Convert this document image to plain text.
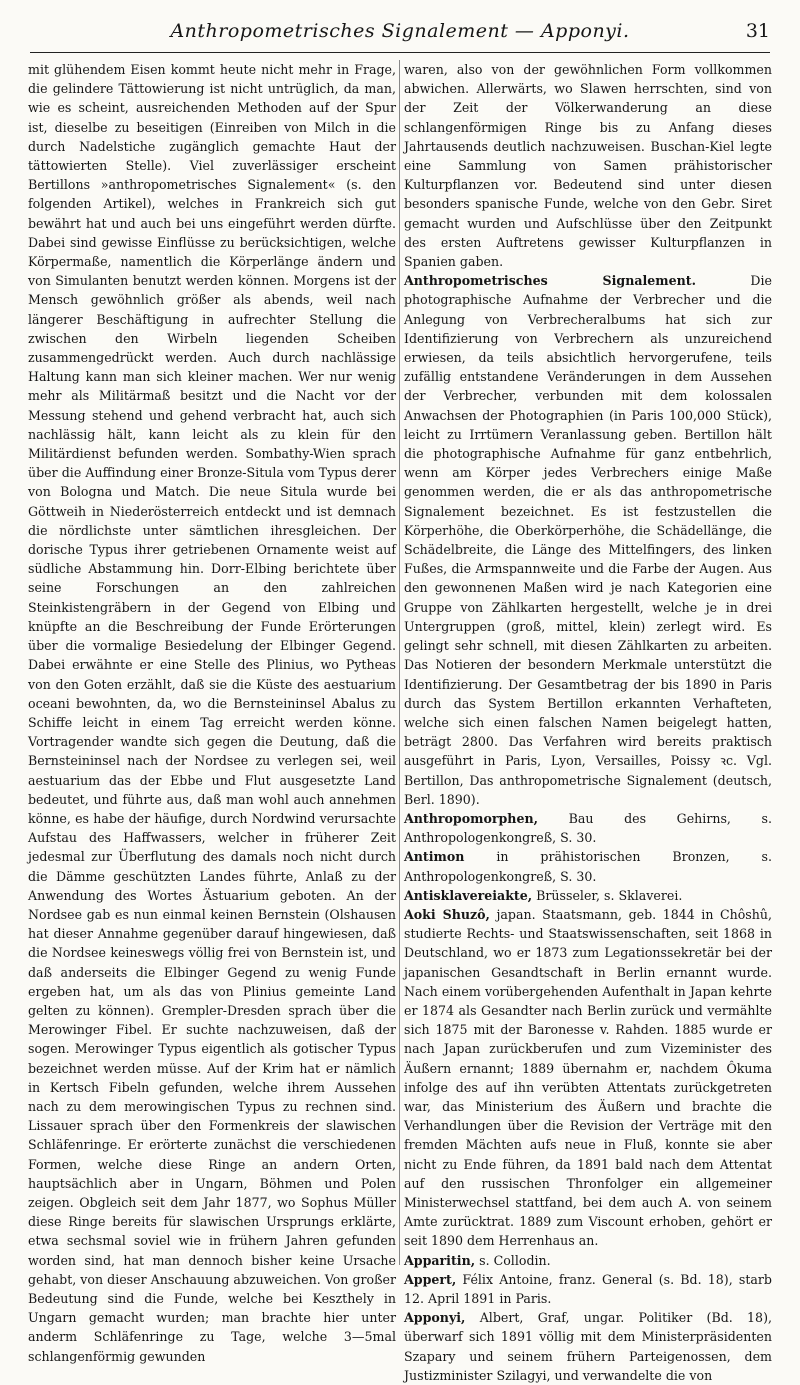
Anthropometrisches Signalement — Apponyi.	31

mit glühendem Eisen kommt heute nicht mehr in Frage, die gelindere Tättowierung ist nicht untrüglich, da man, wie es scheint, ausreichenden Methoden auf der Spur ist, dieselbe zu beseitigen (Einreiben von Milch in die durch Nadelstiche zugänglich gemachte Haut der tättowierten Stelle). Viel zuverlässiger erscheint Bertillons »anthropometrisches Signalement« (s. den folgenden Artikel), welches in Frankreich sich gut bewährt hat und auch bei uns eingeführt werden dürfte. Dabei sind gewisse Einflüsse zu berücksichtigen, welche Körpermaße, namentlich die Körperlänge ändern und von Simulanten benutzt werden können. Morgens ist der Mensch gewöhnlich größer als abends, weil nach längerer Beschäftigung in aufrechter Stellung die zwischen den Wirbeln liegenden Scheiben zusammengedrückt werden. Auch durch nachlässige Haltung kann man sich kleiner machen. Wer nur wenig mehr als Militärmaß besitzt und die Nacht vor der Messung stehend und gehend verbracht hat, auch sich nachlässig hält, kann leicht als zu klein für den Militärdienst befunden werden. Sombathy-Wien sprach über die Auffindung einer Bronze-Situla vom Typus derer von Bologna und Match. Die neue Situla wurde bei Göttweih in Niederösterreich entdeckt und ist demnach die nördlichste unter sämtlichen ihresgleichen. Der dorische Typus ihrer getriebenen Ornamente weist auf südliche Abstammung hin. Dorr-Elbing berichtete über seine Forschungen an den zahlreichen Steinkistengräbern in der Gegend von Elbing und knüpfte an die Beschreibung der Funde Erörterungen über die vormalige Besiedelung der Elbinger Gegend. Dabei erwähnte er eine Stelle des Plinius, wo Pytheas von den Goten erzählt, daß sie die Küste des aestuarium oceani bewohnten, da, wo die Bernsteininsel Abalus zu Schiffe leicht in einem Tag erreicht werden könne. Vortragender wandte sich gegen die Deutung, daß die Bernsteininsel nach der Nordsee zu verlegen sei, weil aestuarium das der Ebbe und Flut ausgesetzte Land bedeutet, und führte aus, daß man wohl auch annehmen könne, es habe der häufige, durch Nordwind verursachte Aufstau des Haffwassers, welcher in früherer Zeit jedesmal zur Überflutung des damals noch nicht durch die Dämme geschützten Landes führte, Anlaß zu der Anwendung des Wortes Ästuarium geboten. An der Nordsee gab es nun einmal keinen Bernstein (Olshausen hat dieser Annahme gegenüber darauf hingewiesen, daß die Nordsee keineswegs völlig frei von Bernstein ist, und daß anderseits die Elbinger Gegend zu wenig Funde ergeben hat, um als das von Plinius gemeinte Land gelten zu können). Grempler-Dresden sprach über die Merowinger Fibel. Er suchte nachzuweisen, daß der sogen. Merowinger Typus eigentlich als gotischer Typus bezeichnet werden müsse. Auf der Krim hat er nämlich in Kertsch Fibeln gefunden, welche ihrem Aussehen nach zu dem merowingischen Typus zu rechnen sind. Lissauer sprach über den Formenkreis der slawischen Schläfenringe. Er erörterte zunächst die verschiedenen Formen, welche diese Ringe an andern Orten, hauptsächlich aber in Ungarn, Böhmen und Polen zeigen. Obgleich seit dem Jahr 1877, wo Sophus Müller diese Ringe bereits für slawischen Ursprungs erklärte, etwa sechsmal soviel wie in frühern Jahren gefunden worden sind, hat man dennoch bisher keine Ursache gehabt, von dieser Anschauung abzuweichen. Von großer Bedeutung sind die Funde, welche bei Keszthely in Ungarn gemacht wurden; man brachte hier unter anderm Schläfenringe zu Tage, welche 3—5mal schlangenförmig gewunden

waren, also von der gewöhnlichen Form vollkommen abwichen. Allerwärts, wo Slawen herrschten, sind von der Zeit der Völkerwanderung an diese schlangenförmigen Ringe bis zu Anfang dieses Jahrtausends deutlich nachzuweisen. Buschan-Kiel legte eine Sammlung von Samen prähistorischer Kulturpflanzen vor. Bedeutend sind unter diesen besonders spanische Funde, welche von den Gebr. Siret gemacht wurden und Aufschlüsse über den Zeitpunkt des ersten Auftretens gewisser Kulturpflanzen in Spanien gaben.

Anthropometrisches Signalement. Die photographische Aufnahme der Verbrecher und die Anlegung von Verbrecheralbums hat sich zur Identifizierung von Verbrechern als unzureichend erwiesen, da teils absichtlich hervorgerufene, teils zufällig entstandene Veränderungen in dem Aussehen der Verbrecher, verbunden mit dem kolossalen Anwachsen der Photographien (in Paris 100,000 Stück), leicht zu Irrtümern Veranlassung geben. Bertillon hält die photographische Aufnahme für ganz entbehrlich, wenn am Körper jedes Verbrechers einige Maße genommen werden, die er als das anthropometrische Signalement bezeichnet. Es ist festzustellen die Körperhöhe, die Oberkörperhöhe, die Schädellänge, die Schädelbreite, die Länge des Mittelfingers, des linken Fußes, die Armspannweite und die Farbe der Augen. Aus den gewonnenen Maßen wird je nach Kategorien eine Gruppe von Zählkarten hergestellt, welche je in drei Untergruppen (groß, mittel, klein) zerlegt wird. Es gelingt sehr schnell, mit diesen Zählkarten zu arbeiten. Das Notieren der besondern Merkmale unterstützt die Identifizierung. Der Gesamtbetrag der bis 1890 in Paris durch das System Bertillon erkannten Verhafteten, welche sich einen falschen Namen beigelegt hatten, beträgt 2800. Das Verfahren wird bereits praktisch ausgeführt in Paris, Lyon, Versailles, Poissy ꝛc. Vgl. Bertillon, Das anthropometrische Signalement (deutsch, Berl. 1890).

Anthropomorphen, Bau des Gehirns, s. Anthropologenkongreß, S. 30.

Antimon in prähistorischen Bronzen, s. Anthropologenkongreß, S. 30.

Antisklavereiakte, Brüsseler, s. Sklaverei.

Aoki Shuzô, japan. Staatsmann, geb. 1844 in Chôshû, studierte Rechts- und Staatswissenschaften, seit 1868 in Deutschland, wo er 1873 zum Legationssekretär bei der japanischen Gesandtschaft in Berlin ernannt wurde. Nach einem vorübergehenden Aufenthalt in Japan kehrte er 1874 als Gesandter nach Berlin zurück und vermählte sich 1875 mit der Baronesse v. Rahden. 1885 wurde er nach Japan zurückberufen und zum Vizeminister des Äußern ernannt; 1889 übernahm er, nachdem Ôkuma infolge des auf ihn verübten Attentats zurückgetreten war, das Ministerium des Äußern und brachte die Verhandlungen über die Revision der Verträge mit den fremden Mächten aufs neue in Fluß, konnte sie aber nicht zu Ende führen, da 1891 bald nach dem Attentat auf den russischen Thronfolger ein allgemeiner Ministerwechsel stattfand, bei dem auch A. von seinem Amte zurücktrat. 1889 zum Viscount erhoben, gehört er seit 1890 dem Herrenhaus an.

Apparitin, s. Collodin.

Appert, Félix Antoine, franz. General (s. Bd. 18), starb 12. April 1891 in Paris.

Apponyi, Albert, Graf, ungar. Politiker (Bd. 18), überwarf sich 1891 völlig mit dem Ministerpräsidenten Szapary und seinem frühern Parteigenossen, dem Justizminister Szilagyi, und verwandelte die von
